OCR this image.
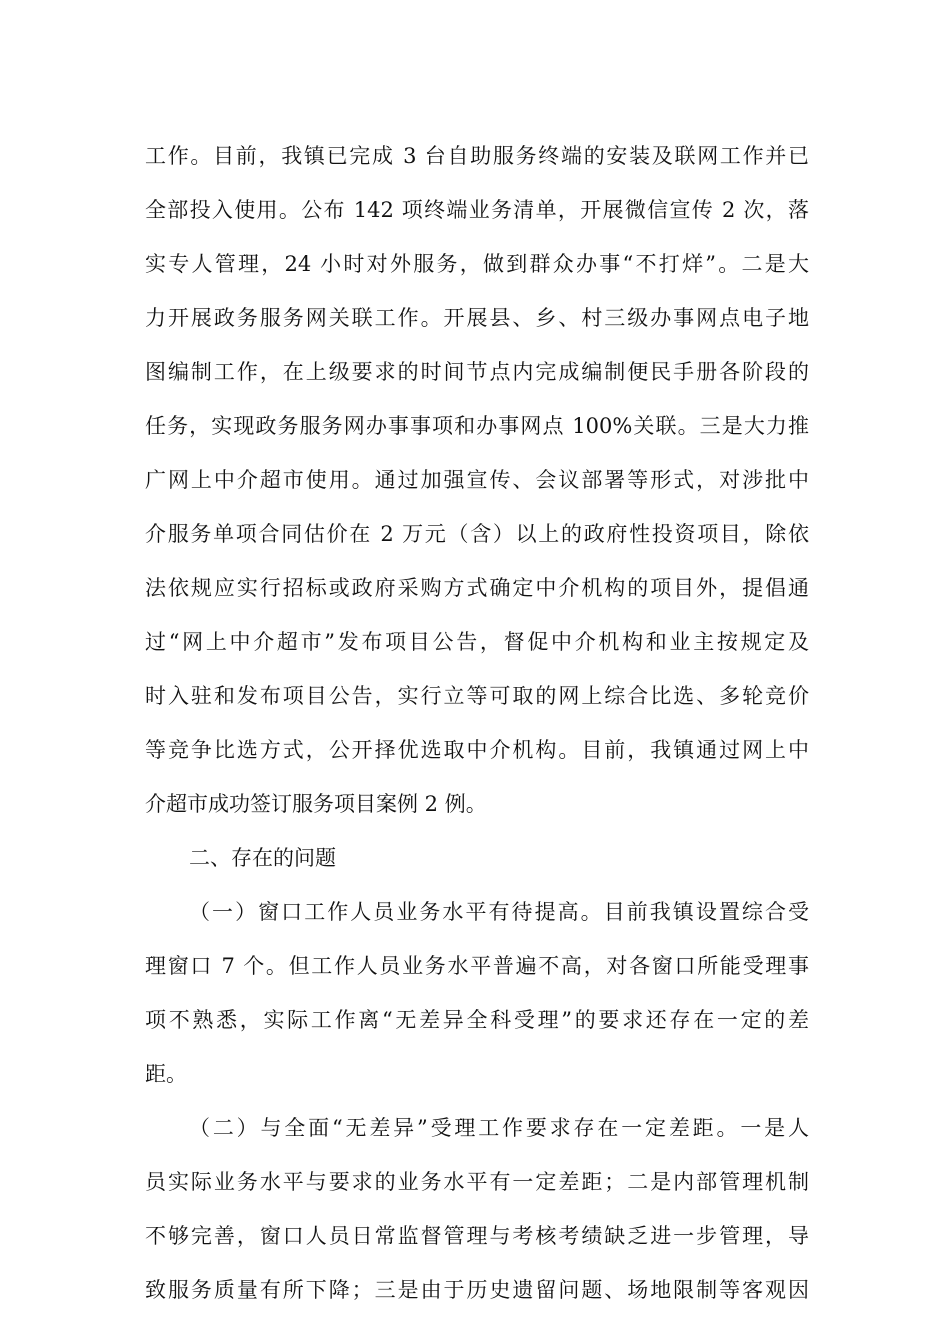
工作。目前，我镇已完成 3 台自助服务终端的安装及联网工作并已
全部投入使用。公布 142 项终端业务清单，开展微信宣传 2 次，落
实专人管理，24 小时对外服务，做到群众办事“不打烊”。二是大
力开展政务服务网关联工作。开展县、乡、村三级办事网点电子地
图编制工作，在上级要求的时间节点内完成编制便民手册各阶段的
任务，实现政务服务网办事事项和办事网点 100%关联。三是大力推
广网上中介超市使用。通过加强宣传、会议部署等形式，对涉批中
介服务单项合同估价在 2 万元（含）以上的政府性投资项目，除依
法依规应实行招标或政府采购方式确定中介机构的项目外，提倡通
过“网上中介超市”发布项目公告，督促中介机构和业主按规定及
时入驻和发布项目公告，实行立等可取的网上综合比选、多轮竞价
等竞争比选方式，公开择优选取中介机构。目前，我镇通过网上中
介超市成功签订服务项目案例 2 例。
二、存在的问题
（一）窗口工作人员业务水平有待提高。目前我镇设置综合受
理窗口 7 个。但工作人员业务水平普遍不高，对各窗口所能受理事
项不熟悉，实际工作离“无差异全科受理”的要求还存在一定的差
距。
（二）与全面“无差异”受理工作要求存在一定差距。一是人
员实际业务水平与要求的业务水平有一定差距；二是内部管理机制
不够完善，窗口人员日常监督管理与考核考绩缺乏进一步管理，导
致服务质量有所下降；三是由于历史遗留问题、场地限制等客观因
